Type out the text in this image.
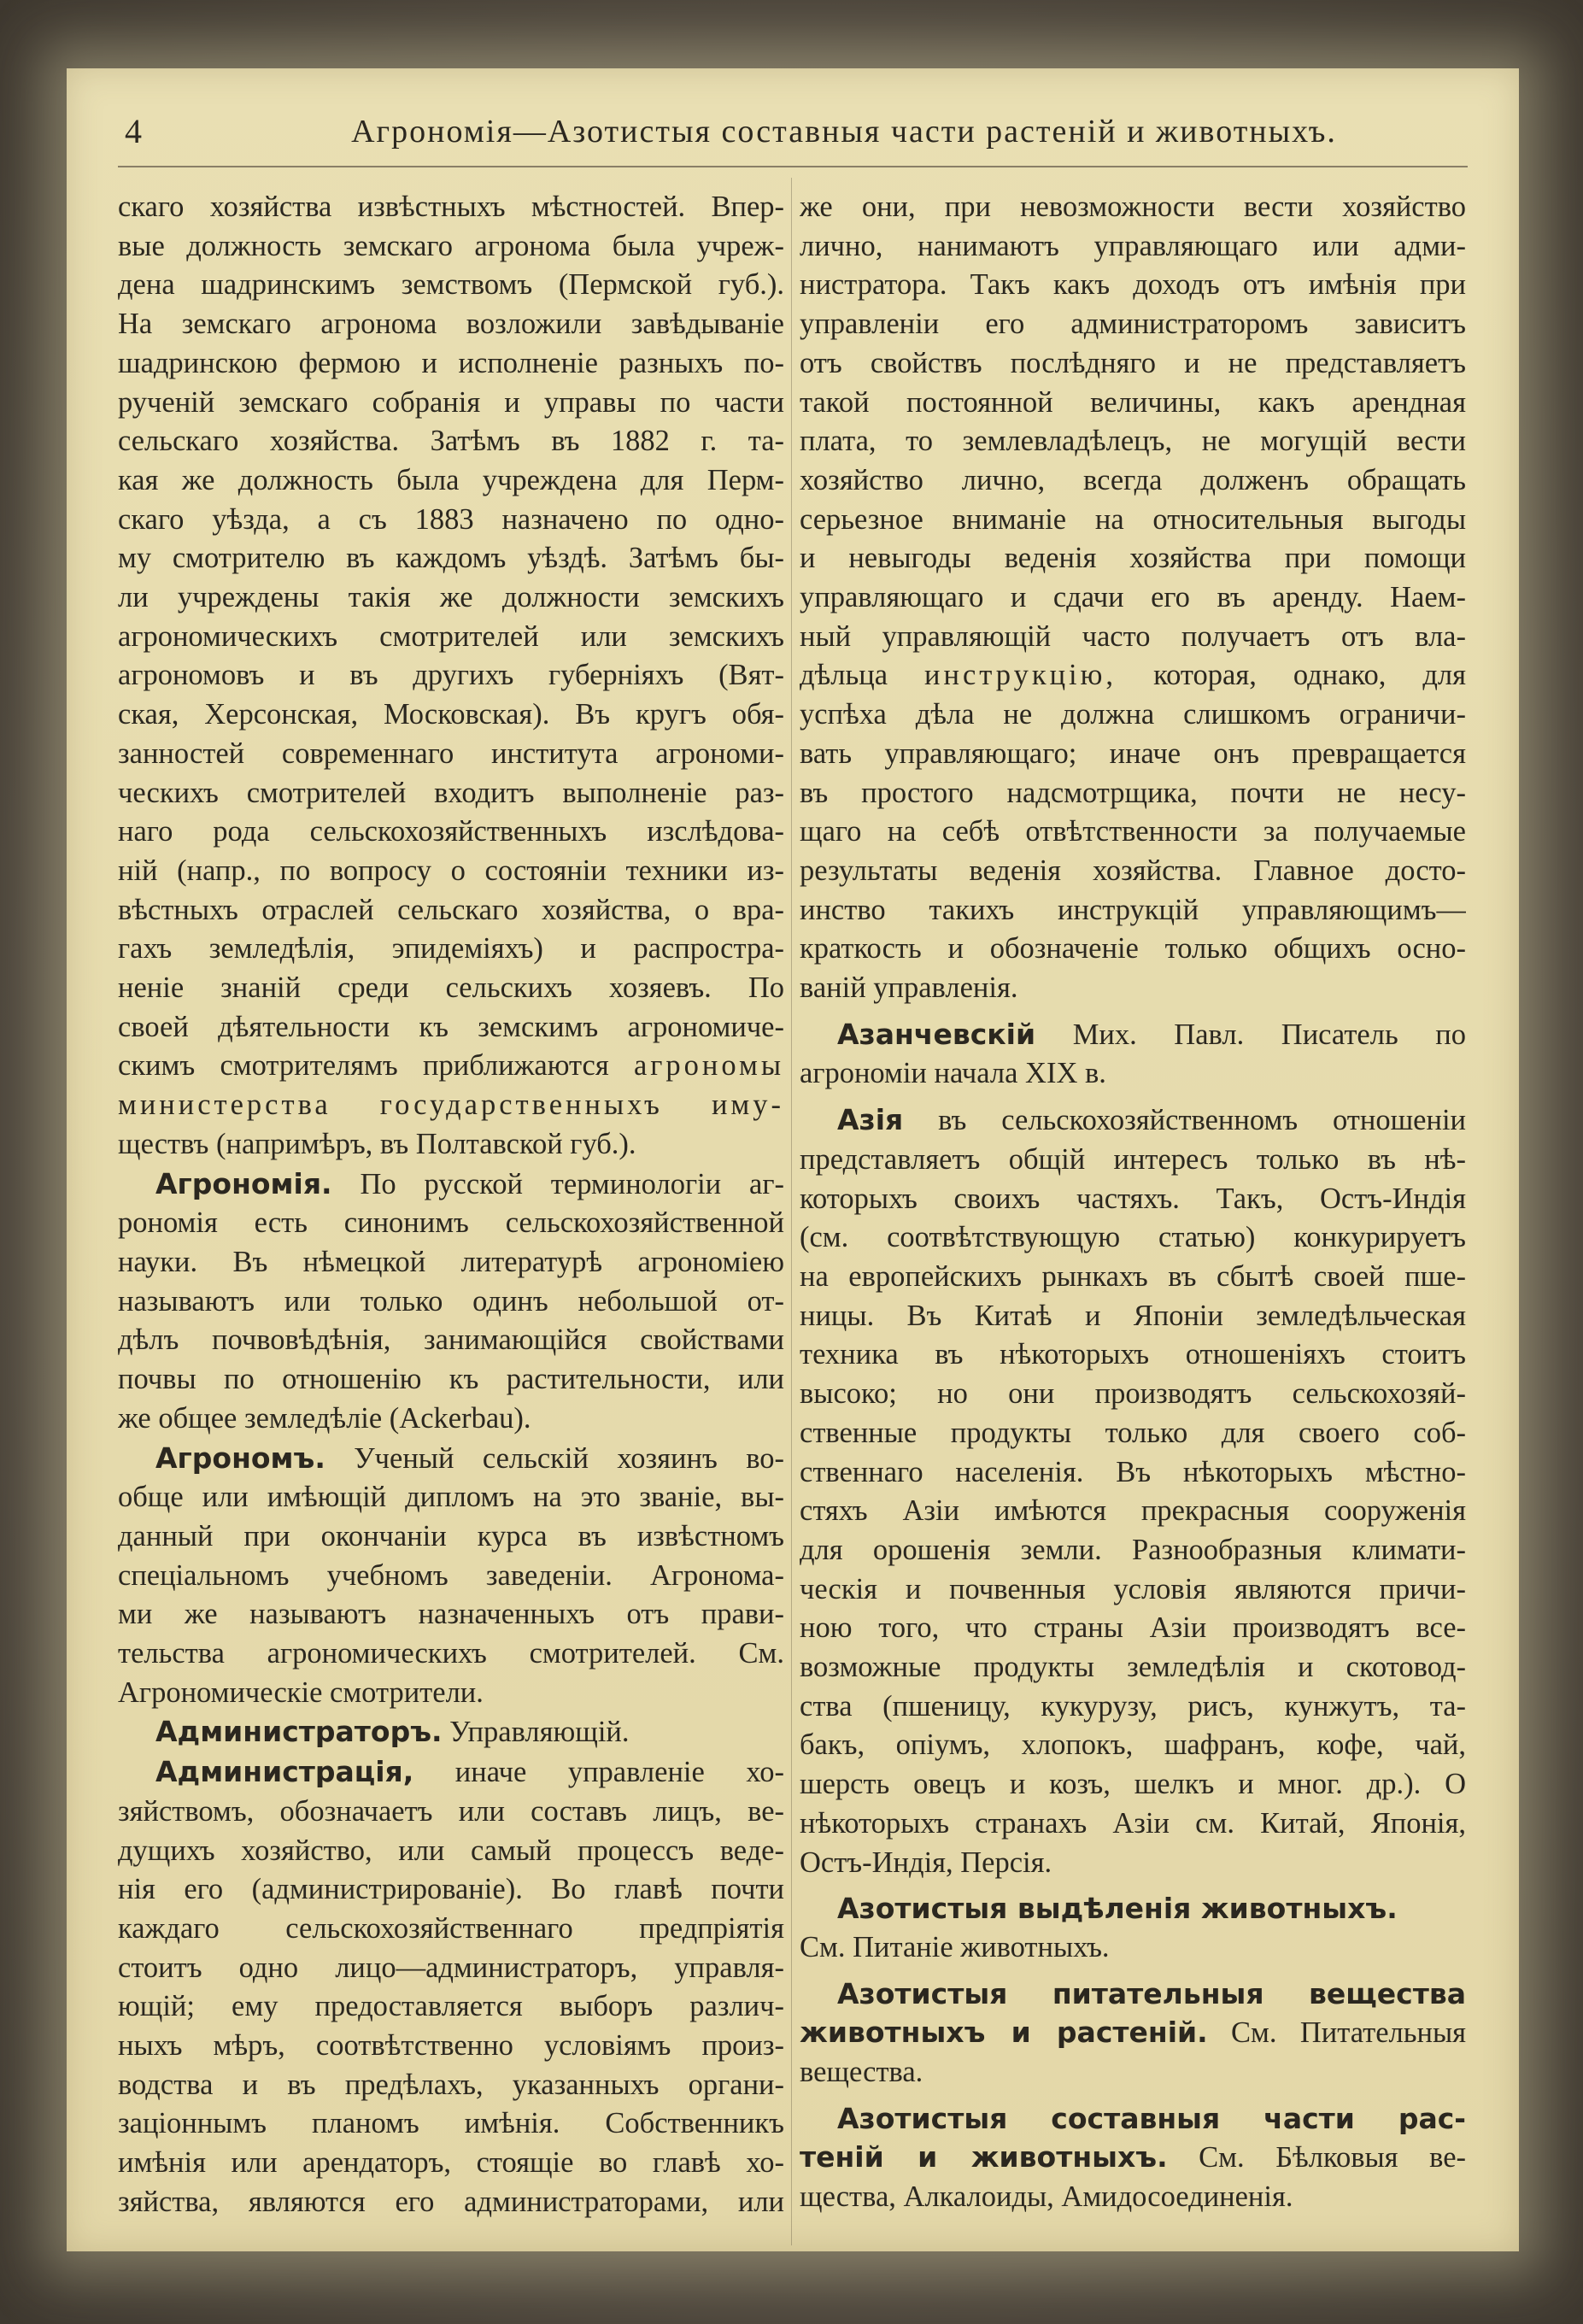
4	Агрономія—Азотистыя составныя части растеній и животныхъ.
скаго хозяйства извѣстныхъ мѣстностей. Впер-
вые должность земскаго агронома была учреж-
дена шадринскимъ земствомъ (Пермской губ.).
На земскаго агронома возложили завѣдываніе
шадринскою фермою и исполненіе разныхъ по-
рученій земскаго собранія и управы по части
сельскаго хозяйства. Затѣмъ въ 1882 г. та-
кая же должность была учреждена для Перм-
скаго уѣзда, а съ 1883 назначено по одно-
му смотрителю въ каждомъ уѣздѣ. Затѣмъ бы-
ли учреждены такія же должности земскихъ
агрономическихъ смотрителей или земскихъ
агрономовъ и въ другихъ губерніяхъ (Вят-
ская, Херсонская, Московская). Въ кругъ обя-
занностей современнаго института агрономи-
ческихъ смотрителей входитъ выполненіе раз-
наго рода сельскохозяйственныхъ изслѣдова-
ній (напр., по вопросу о состояніи техники из-
вѣстныхъ отраслей сельскаго хозяйства, о вра-
гахъ земледѣлія, эпидеміяхъ) и распростра-
неніе знаній среди сельскихъ хозяевъ. По
своей дѣятельности къ земскимъ агрономиче-
скимъ смотрителямъ приближаются агрономы
министерства государственныхъ иму-
ществъ (напримѣръ, въ Полтавской губ.).
Агрономія. По русской терминологіи аг-
рономія есть синонимъ сельскохозяйственной
науки. Въ нѣмецкой литературѣ агрономіею
называютъ или только одинъ небольшой от-
дѣлъ почвовѣдѣнія, занимающійся свойствами
почвы по отношенію къ растительности, или
же общее земледѣліе (Ackerbau).
Агрономъ. Ученый сельскій хозяинъ во-
обще или имѣющій дипломъ на это званіе, вы-
данный при окончаніи курса въ извѣстномъ
спеціальномъ учебномъ заведеніи. Агронома-
ми же называютъ назначенныхъ отъ прави-
тельства агрономическихъ смотрителей. См.
Агрономическіе смотрители.
Администраторъ. Управляющій.
Администрація, иначе управленіе хо-
зяйствомъ, обозначаетъ или составъ лицъ, ве-
дущихъ хозяйство, или самый процессъ веде-
нія его (администрированіе). Во главѣ почти
каждаго сельскохозяйственнаго предпріятія
стоитъ одно лицо—администраторъ, управля-
ющій; ему предоставляется выборъ различ-
ныхъ мѣръ, соотвѣтственно условіямъ произ-
водства и въ предѣлахъ, указанныхъ органи-
заціоннымъ планомъ имѣнія. Собственникъ
имѣнія или арендаторъ, стоящіе во главѣ хо-
зяйства, являются его администраторами, или
же они, при невозможности вести хозяйство
лично, нанимаютъ управляющаго или адми-
нистратора. Такъ какъ доходъ отъ имѣнія при
управленіи его администраторомъ зависитъ
отъ свойствъ послѣдняго и не представляетъ
такой постоянной величины, какъ арендная
плата, то землевладѣлецъ, не могущій вести
хозяйство лично, всегда долженъ обращать
серьезное вниманіе на относительныя выгоды
и невыгоды веденія хозяйства при помощи
управляющаго и сдачи его въ аренду. Наем-
ный управляющій часто получаетъ отъ вла-
дѣльца инструкцію, которая, однако, для
успѣха дѣла не должна слишкомъ ограничи-
вать управляющаго; иначе онъ превращается
въ простого надсмотрщика, почти не несу-
щаго на себѣ отвѣтственности за получаемые
результаты веденія хозяйства. Главное досто-
инство такихъ инструкцій управляющимъ—
краткость и обозначеніе только общихъ осно-
ваній управленія.
Азанчевскій Мих. Павл. Писатель по
агрономіи начала XIX в.
Азія въ сельскохозяйственномъ отношеніи
представляетъ общій интересъ только въ нѣ-
которыхъ своихъ частяхъ. Такъ, Остъ-Индія
(см. соотвѣтствующую статью) конкурируетъ
на европейскихъ рынкахъ въ сбытѣ своей пше-
ницы. Въ Китаѣ и Японіи земледѣльческая
техника въ нѣкоторыхъ отношеніяхъ стоитъ
высоко; но они производятъ сельскохозяй-
ственные продукты только для своего соб-
ственнаго населенія. Въ нѣкоторыхъ мѣстно-
стяхъ Азіи имѣются прекрасныя сооруженія
для орошенія земли. Разнообразныя климати-
ческія и почвенныя условія являются причи-
ною того, что страны Азіи производятъ все-
возможные продукты земледѣлія и скотовод-
ства (пшеницу, кукурузу, рисъ, кунжутъ, та-
бакъ, опіумъ, хлопокъ, шафранъ, кофе, чай,
шерсть овецъ и козъ, шелкъ и мног. др.). О
нѣкоторыхъ странахъ Азіи см. Китай, Японія,
Остъ-Индія, Персія.
Азотистыя выдѣленія животныхъ.
См. Питаніе животныхъ.
Азотистыя питательныя вещества
животныхъ и растеній. См. Питательныя
вещества.
Азотистыя составныя части рас-
теній и животныхъ. См. Бѣлковыя ве-
щества, Алкалоиды, Амидосоединенія.
